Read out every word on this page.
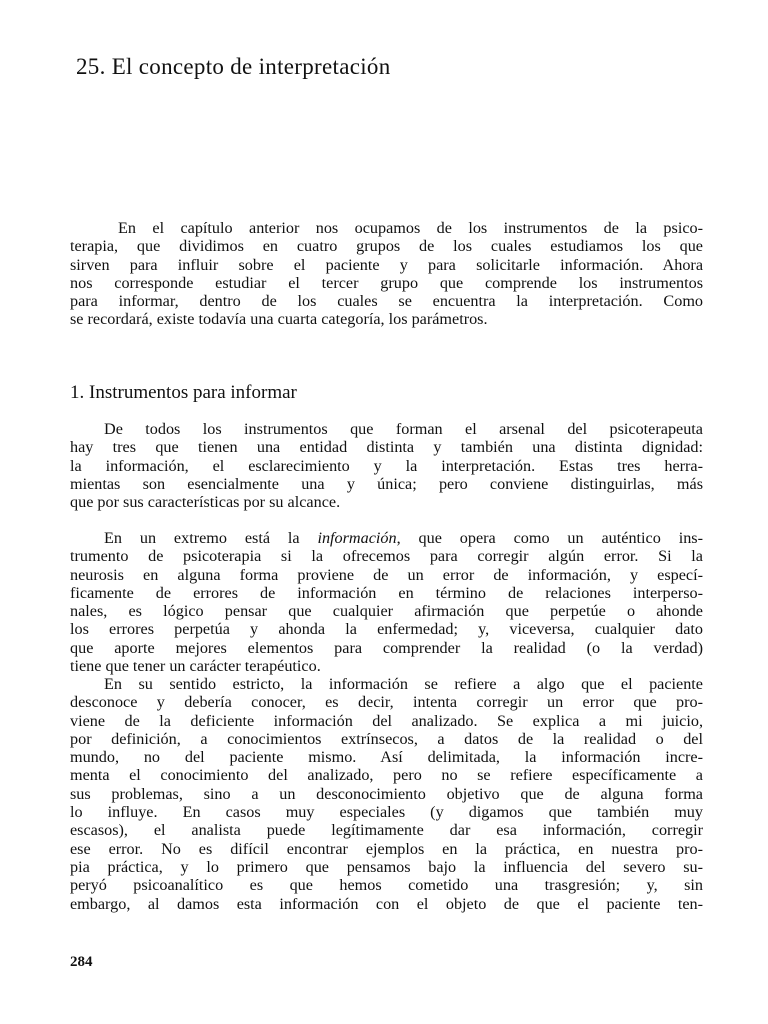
25. El concepto de interpretación
En el capítulo anterior nos ocupamos de los instrumentos de la psico-
terapia, que dividimos en cuatro grupos de los cuales estudiamos los que
sirven para influir sobre el paciente y para solicitarle información. Ahora
nos corresponde estudiar el tercer grupo que comprende los instrumentos
para informar, dentro de los cuales se encuentra la interpretación. Como
se recordará, existe todavía una cuarta categoría, los parámetros.
1. Instrumentos para informar
De todos los instrumentos que forman el arsenal del psicoterapeuta
hay tres que tienen una entidad distinta y también una distinta dignidad:
la información, el esclarecimiento y la interpretación. Estas tres herra-
mientas son esencialmente una y única; pero conviene distinguirlas, más
que por sus características por su alcance.
En un extremo está la información, que opera como un auténtico ins-
trumento de psicoterapia si la ofrecemos para corregir algún error. Si la
neurosis en alguna forma proviene de un error de información, y especí-
ficamente de errores de información en término de relaciones interperso-
nales, es lógico pensar que cualquier afirmación que perpetúe o ahonde
los errores perpetúa y ahonda la enfermedad; y, viceversa, cualquier dato
que aporte mejores elementos para comprender la realidad (o la verdad)
tiene que tener un carácter terapéutico.
En su sentido estricto, la información se refiere a algo que el paciente
desconoce y debería conocer, es decir, intenta corregir un error que pro-
viene de la deficiente información del analizado. Se explica a mi juicio,
por definición, a conocimientos extrínsecos, a datos de la realidad o del
mundo, no del paciente mismo. Así delimitada, la información incre-
menta el conocimiento del analizado, pero no se refiere específicamente a
sus problemas, sino a un desconocimiento objetivo que de alguna forma
lo influye. En casos muy especiales (y digamos que también muy
escasos), el analista puede legítimamente dar esa información, corregir
ese error. No es difícil encontrar ejemplos en la práctica, en nuestra pro-
pia práctica, y lo primero que pensamos bajo la influencia del severo su-
peryó psicoanalítico es que hemos cometido una trasgresión; y, sin
embargo, al damos esta información con el objeto de que el paciente ten-
284
